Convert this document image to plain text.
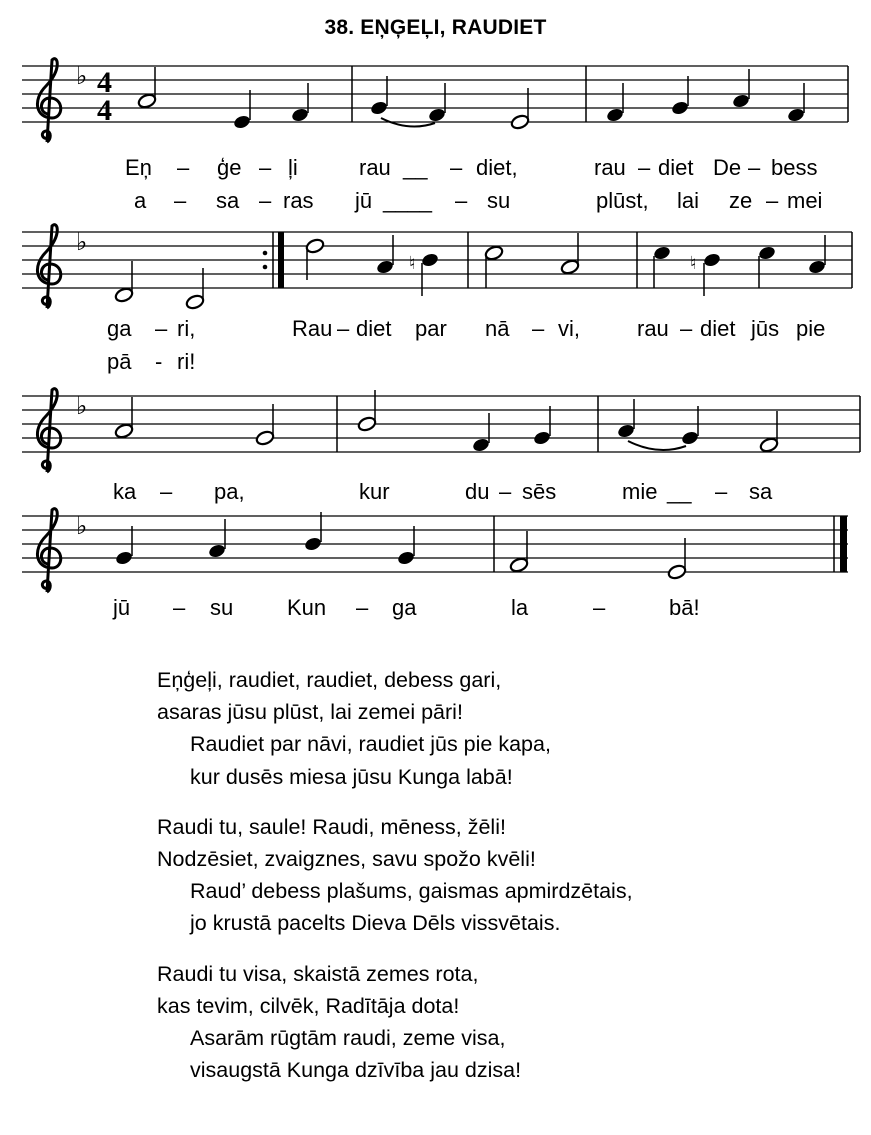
38. EŅĢEĻI, RAUDIET
♭ 4
4
Eņ – ģe – ļi	rau __ – diet,	rau – diet De – bess
a – sa – ras jū ____ – su	plūst, lai ze – mei
♭
♮	♮
ga – ri,	Rau – diet par nā – vi,	rau – diet jūs pie
pā - ri!
♭
ka – pa,	kur	du – sēs	mie __ – sa
♭
jū – su Kun – ga	la	–	bā!
Eņģeļi, raudiet, raudiet, debess gari,
asaras jūsu plūst, lai zemei pāri!
Raudiet par nāvi, raudiet jūs pie kapa,
kur dusēs miesa jūsu Kunga labā!
Raudi tu, saule! Raudi, mēness, žēli!
Nodzēsiet, zvaigznes, savu spožo kvēli!
Raud’ debess plašums, gaismas apmirdzētais,
jo krustā pacelts Dieva Dēls vissvētais.
Raudi tu visa, skaistā zemes rota,
kas tevim, cilvēk, Radītāja dota!
Asarām rūgtām raudi, zeme visa,
visaugstā Kunga dzīvība jau dzisa!
